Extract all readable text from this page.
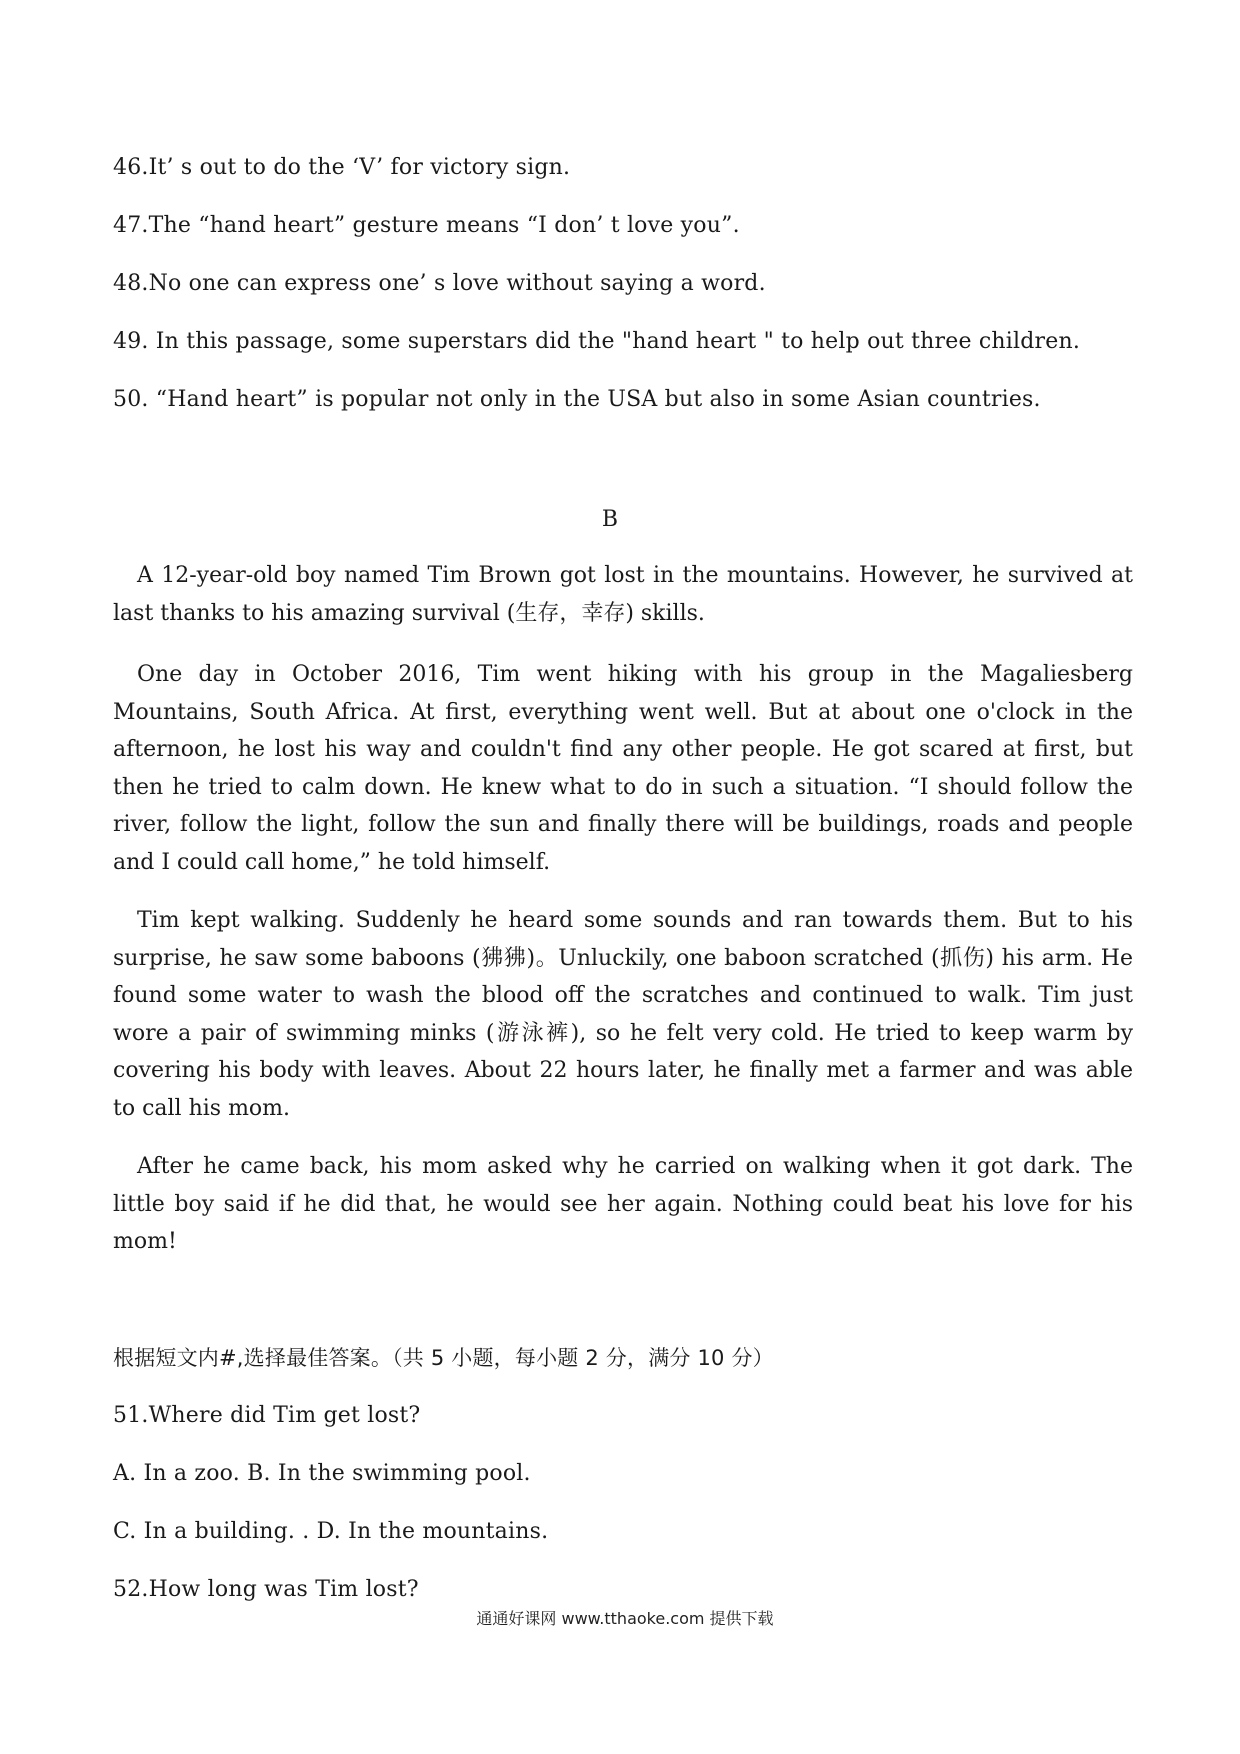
46.It’ s out to do the ‘V’ for victory sign.
47.The “hand heart” gesture means “I don’ t love you”.
48.No one can express one’ s love without saying a word.
49. In this passage, some superstars did the "hand heart " to help out three children.
50. “Hand heart” is popular not only in the USA but also in some Asian countries.
B
A 12-year-old boy named Tim Brown got lost in the mountains. However, he survived at last thanks to his amazing survival (生存，幸存) skills.
One day in October 2016, Tim went hiking with his group in the Magaliesberg Mountains, South Africa. At first, everything went well. But at about one o'clock in the afternoon, he lost his way and couldn't find any other people. He got scared at first, but then he tried to calm down. He knew what to do in such a situation. “I should follow the river, follow the light, follow the sun and finally there will be buildings, roads and people and I could call home,” he told himself.
Tim kept walking. Suddenly he heard some sounds and ran towards them. But to his surprise, he saw some baboons (狒狒)。Unluckily, one baboon scratched (抓伤) his arm. He found some water to wash the blood off the scratches and continued to walk. Tim just wore a pair of swimming minks (游泳裤), so he felt very cold. He tried to keep warm by covering his body with leaves. About 22 hours later, he finally met a farmer and was able to call his mom.
After he came back, his mom asked why he carried on walking when it got dark. The little boy said if he did that, he would see her again. Nothing could beat his love for his mom!
根据短文内#,选择最佳答案。（共 5 小题，每小题 2 分，满分 10 分）
51.Where did Tim get lost?
A. In a zoo. B. In the swimming pool.
C. In a building. . D. In the mountains.
52.How long was Tim lost?
通通好课网 www.tthaoke.com 提供下载
